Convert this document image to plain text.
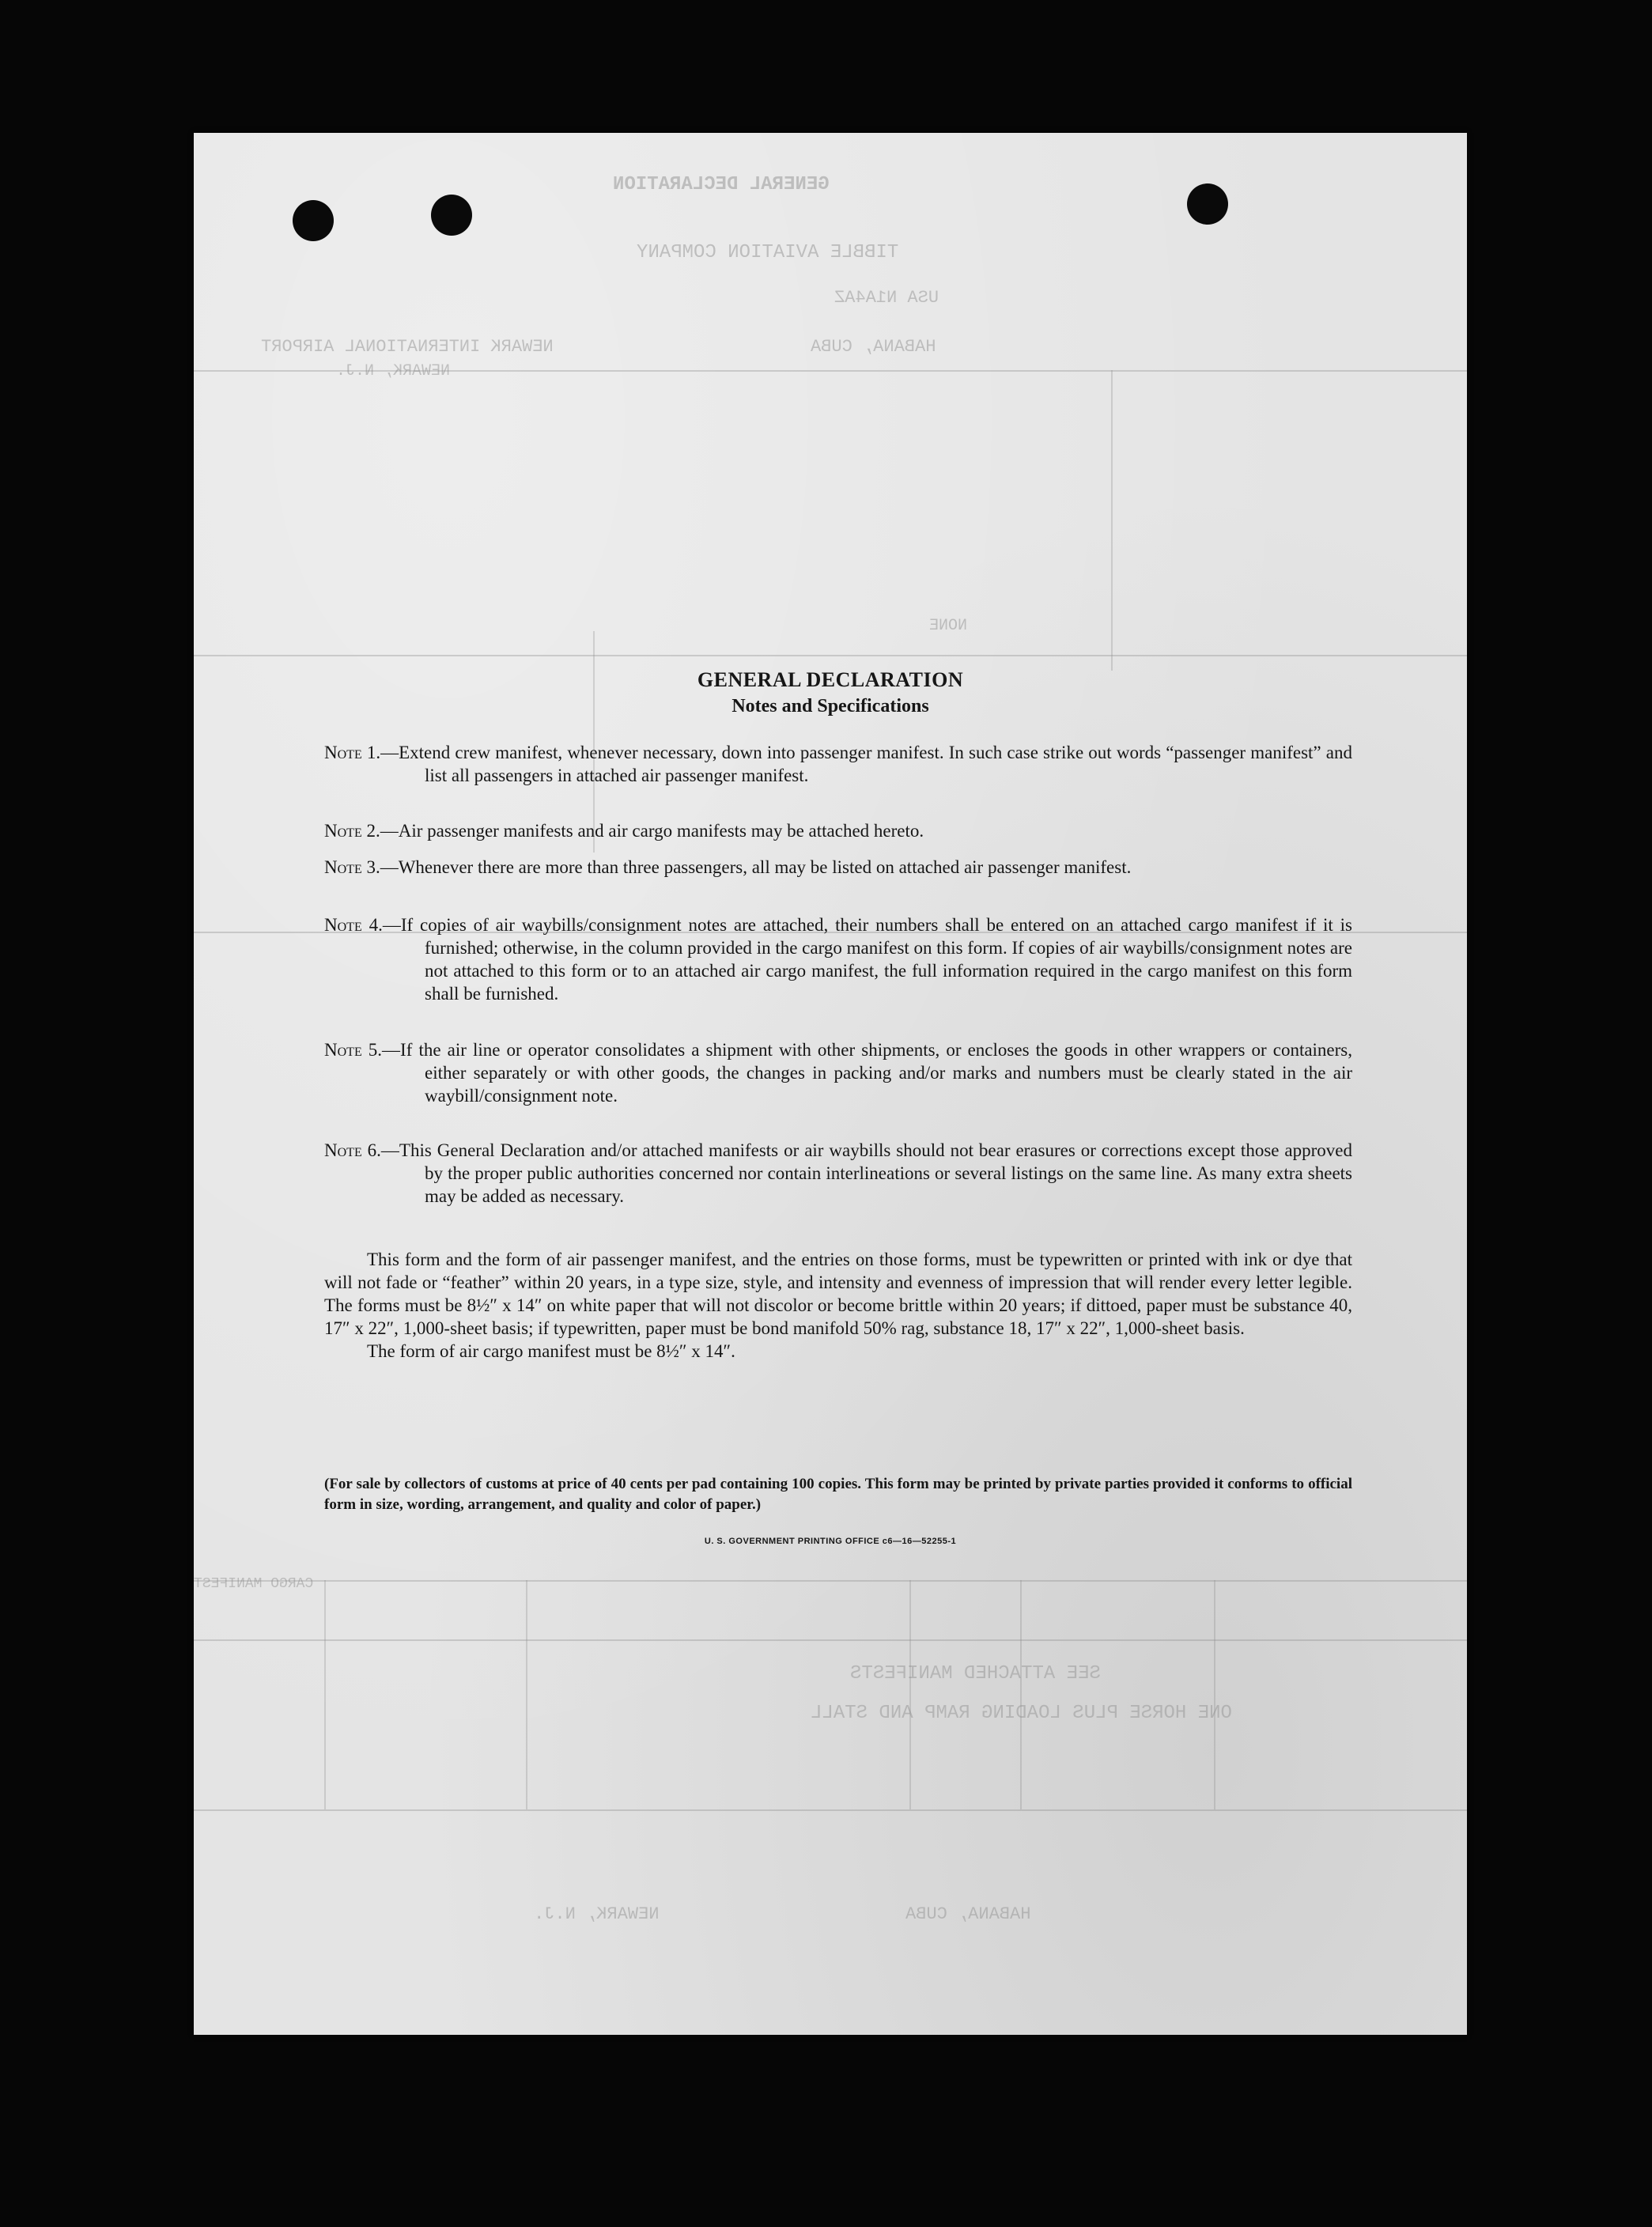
GENERAL DECLARATION
TIBBLE AVIATION COMPANY
USA N1A4AZ
HABANA, CUBA
NEWARK INTERNATIONAL AIRPORT
NEWARK, N.J.
NONE
CARGO MANIFEST
SEE ATTACHED MANIFESTS
ONE HORSE PLUS LOADING RAMP AND STALL
HABANA, CUBA
NEWARK, N.J.
GENERAL DECLARATION
Notes and Specifications
Note 1.—Extend crew manifest, whenever necessary, down into passenger manifest. In such case strike out words “passenger manifest” and list all passengers in attached air passenger manifest.
Note 2.—Air passenger manifests and air cargo manifests may be attached hereto.
Note 3.—Whenever there are more than three passengers, all may be listed on attached air passenger manifest.
Note 4.—If copies of air waybills/consignment notes are attached, their numbers shall be entered on an attached cargo manifest if it is furnished; otherwise, in the column provided in the cargo manifest on this form. If copies of air waybills/consignment notes are not attached to this form or to an attached air cargo manifest, the full information required in the cargo manifest on this form shall be furnished.
Note 5.—If the air line or operator consolidates a shipment with other shipments, or encloses the goods in other wrappers or containers, either separately or with other goods, the changes in packing and/or marks and numbers must be clearly stated in the air waybill/consignment note.
Note 6.—This General Declaration and/or attached manifests or air waybills should not bear erasures or corrections except those approved by the proper public authorities concerned nor contain interlineations or several listings on the same line. As many extra sheets may be added as necessary.
This form and the form of air passenger manifest, and the entries on those forms, must be typewritten or printed with ink or dye that will not fade or “feather” within 20 years, in a type size, style, and intensity and evenness of impression that will render every letter legible. The forms must be 8½″ x 14″ on white paper that will not discolor or become brittle within 20 years; if dittoed, paper must be substance 40, 17″ x 22″, 1,000-sheet basis; if typewritten, paper must be bond manifold 50% rag, substance 18, 17″ x 22″, 1,000-sheet basis.
The form of air cargo manifest must be 8½″ x 14″.
(For sale by collectors of customs at price of 40 cents per pad containing 100 copies. This form may be printed by private parties provided it conforms to official form in size, wording, arrangement, and quality and color of paper.)
U. S. GOVERNMENT PRINTING OFFICE c6—16—52255-1
